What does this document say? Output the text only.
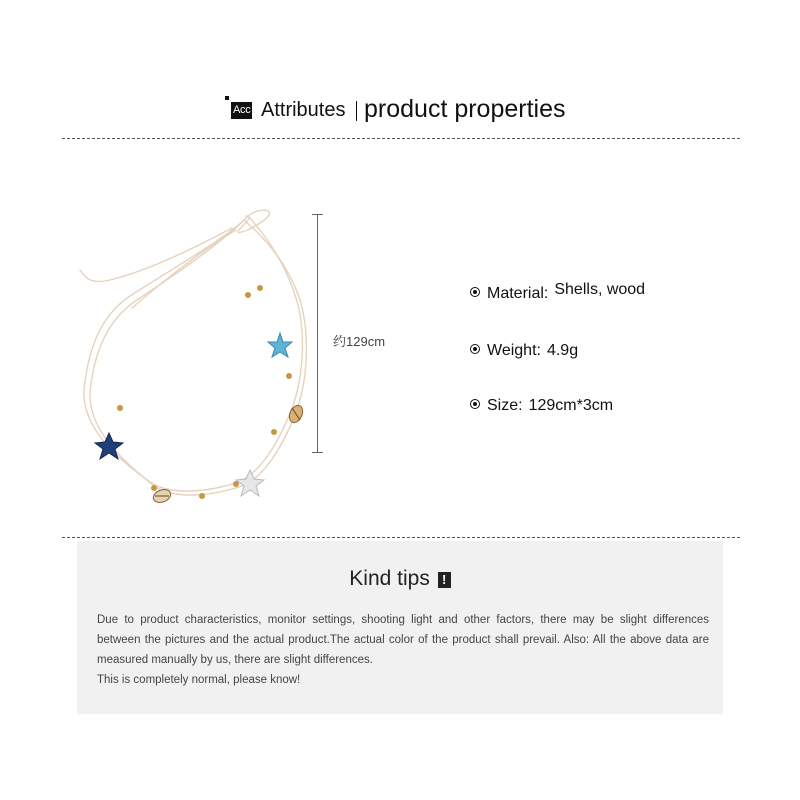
Acc Attributes product properties
约129cm
Material: Shells, wood
Weight: 4.9g
Size: 129cm*3cm
Kind tips !
Due to product characteristics, monitor settings, shooting light and other factors, there may be slight differences between the pictures and the actual product.The actual color of the product shall prevail. Also: All the above data are measured manually by us, there are slight differences.
This is completely normal, please know!
